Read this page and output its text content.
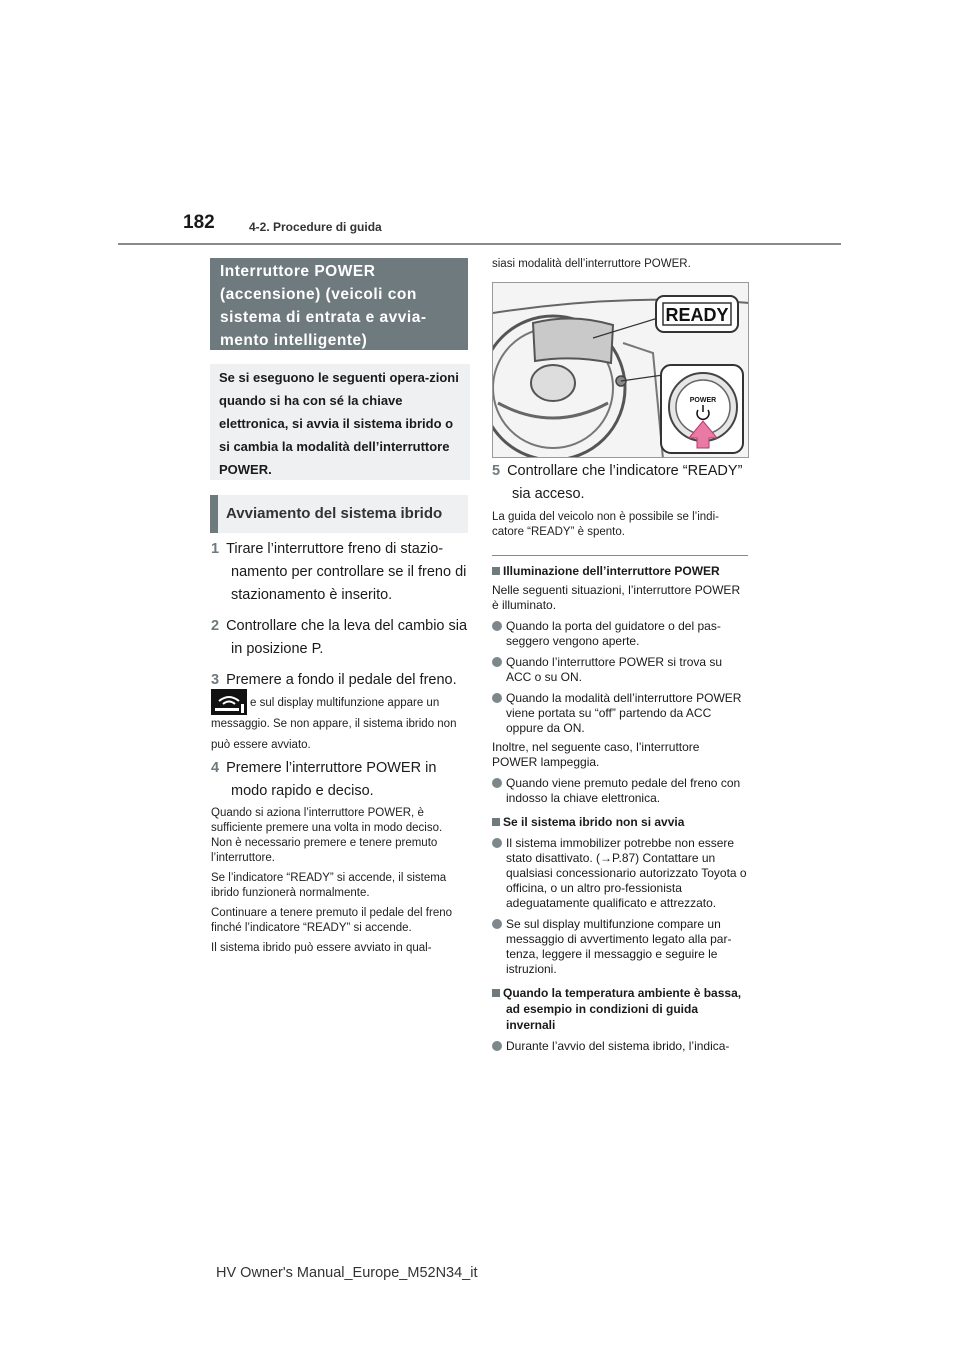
182	4-2. Procedure di guida
Interruttore POWER (accensione) (veicoli con sistema di entrata e avvia-mento intelligente)
Se si eseguono le seguenti opera-zioni quando si ha con sé la chiave elettronica, si avvia il sistema ibrido o si cambia la modalità dell’interruttore POWER.
Avviamento del sistema ibrido
1 Tirare l’interruttore freno di stazio-namento per controllare se il freno di stazionamento è inserito.
2 Controllare che la leva del cambio sia in posizione P.
3 Premere a fondo il pedale del freno.
e sul display multifunzione appare un messaggio. Se non appare, il sistema ibrido non può essere avviato.
4 Premere l’interruttore POWER in modo rapido e deciso.
Quando si aziona l’interruttore POWER, è sufficiente premere una volta in modo deciso. Non è necessario premere e tenere premuto l’interruttore.
Se l’indicatore “READY” si accende, il sistema ibrido funzionerà normalmente.
Continuare a tenere premuto il pedale del freno finché l’indicatore “READY” si accende.
Il sistema ibrido può essere avviato in qual-
siasi modalità dell’interruttore POWER.
READY
POWER
5 Controllare che l’indicatore “READY” sia acceso.
La guida del veicolo non è possibile se l’indi-catore “READY” è spento.
Illuminazione dell’interruttore POWER
Nelle seguenti situazioni, l’interruttore POWER è illuminato.
Quando la porta del guidatore o del pas-seggero vengono aperte.
Quando l’interruttore POWER si trova su ACC o su ON.
Quando la modalità dell’interruttore POWER viene portata su “off” partendo da ACC oppure da ON.
Inoltre, nel seguente caso, l’interruttore POWER lampeggia.
Quando viene premuto pedale del freno con indosso la chiave elettronica.
Se il sistema ibrido non si avvia
Il sistema immobilizer potrebbe non essere stato disattivato. (→P.87) Contattare un qualsiasi concessionario autorizzato Toyota o officina, o un altro pro-fessionista adeguatamente qualificato e attrezzato.
Se sul display multifunzione compare un messaggio di avvertimento legato alla par-tenza, leggere il messaggio e seguire le istruzioni.
Quando la temperatura ambiente è bassa, ad esempio in condizioni di guida invernali
Durante l’avvio del sistema ibrido, l’indica-
HV Owner's Manual_Europe_M52N34_it
